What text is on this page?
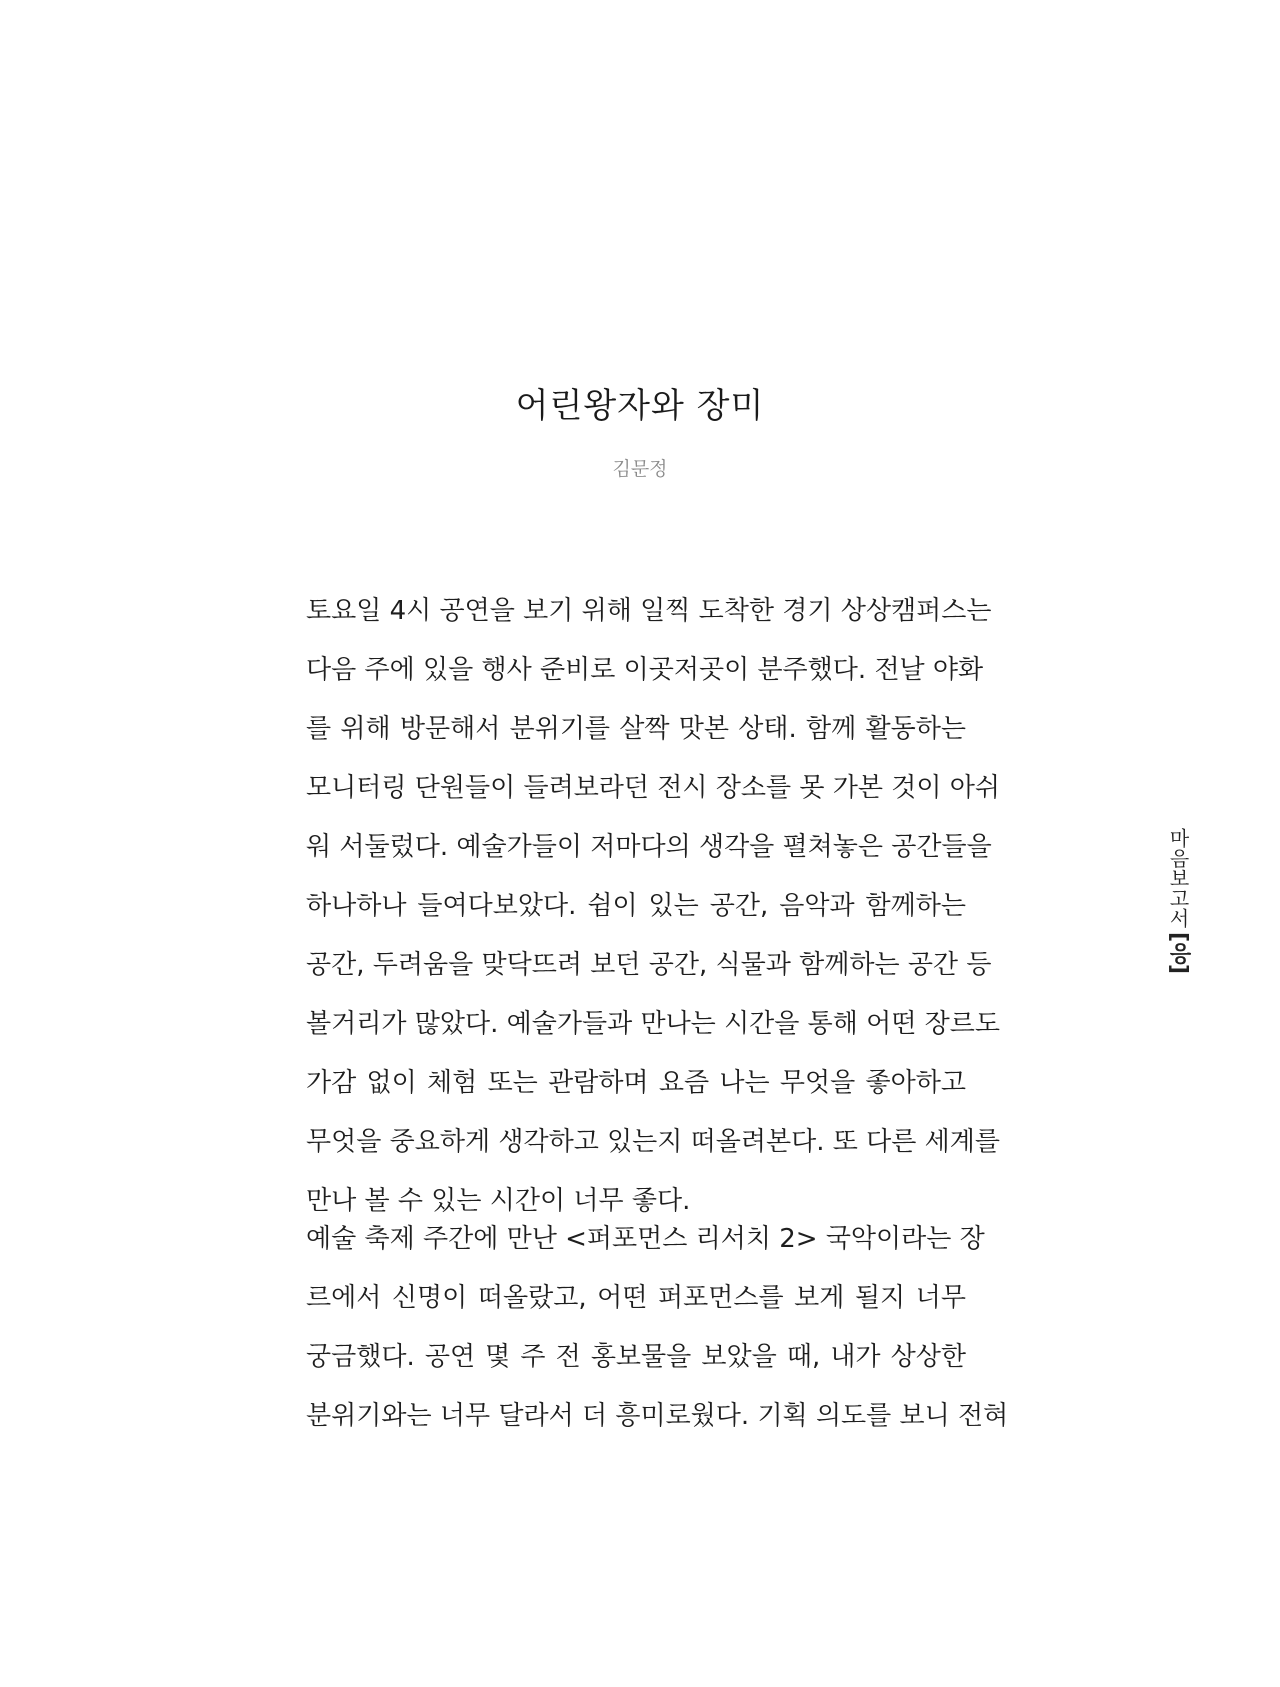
어린왕자와 장미
김문정
토요일 4시 공연을 보기 위해 일찍 도착한 경기 상상캠퍼스는
다음 주에 있을 행사 준비로 이곳저곳이 분주했다. 전날 야화
를 위해 방문해서 분위기를 살짝 맛본 상태. 함께 활동하는
모니터링 단원들이 들려보라던 전시 장소를 못 가본 것이 아쉬
워 서둘렀다. 예술가들이 저마다의 생각을 펼쳐놓은 공간들을
하나하나 들여다보았다. 쉼이 있는 공간, 음악과 함께하는
공간, 두려움을 맞닥뜨려 보던 공간, 식물과 함께하는 공간 등
볼거리가 많았다. 예술가들과 만나는 시간을 통해 어떤 장르도
가감 없이 체험 또는 관람하며 요즘 나는 무엇을 좋아하고
무엇을 중요하게 생각하고 있는지 떠올려본다. 또 다른 세계를
만나 볼 수 있는 시간이 너무 좋다.
예술 축제 주간에 만난 <퍼포먼스 리서치 2> 국악이라는 장
르에서 신명이 떠올랐고, 어떤 퍼포먼스를 보게 될지 너무
궁금했다. 공연 몇 주 전 홍보물을 보았을 때, 내가 상상한
분위기와는 너무 달라서 더 흥미로웠다. 기획 의도를 보니 전혀
마음보고서
[응]
